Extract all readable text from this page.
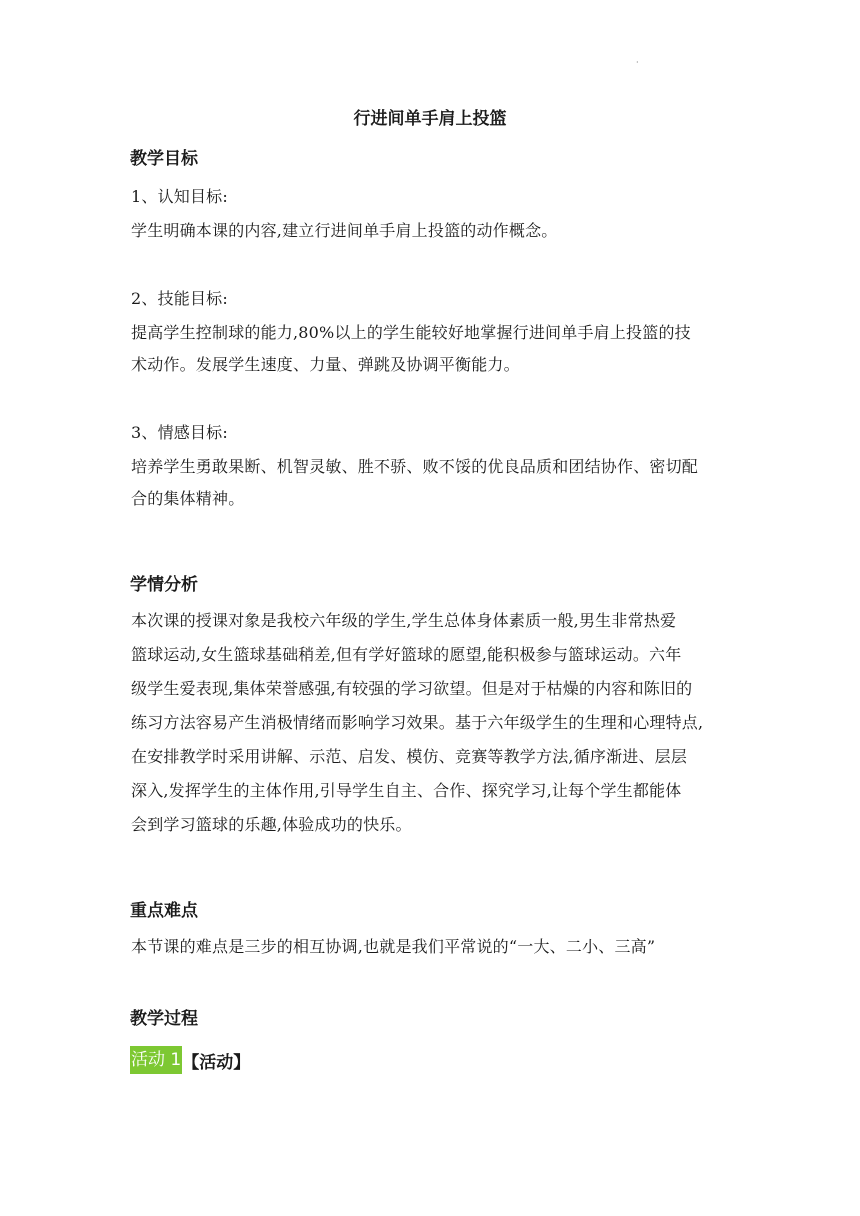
·
行进间单手肩上投篮
教学目标
1、认知目标:
学生明确本课的内容,建立行进间单手肩上投篮的动作概念。
2、技能目标:
提高学生控制球的能力,80%以上的学生能较好地掌握行进间单手肩上投篮的技
术动作。发展学生速度、力量、弹跳及协调平衡能力。
3、情感目标:
培养学生勇敢果断、机智灵敏、胜不骄、败不馁的优良品质和团结协作、密切配
合的集体精神。
学情分析
本次课的授课对象是我校六年级的学生,学生总体身体素质一般,男生非常热爱
篮球运动,女生篮球基础稍差,但有学好篮球的愿望,能积极参与篮球运动。六年
级学生爱表现,集体荣誉感强,有较强的学习欲望。但是对于枯燥的内容和陈旧的
练习方法容易产生消极情绪而影响学习效果。基于六年级学生的生理和心理特点,
在安排教学时采用讲解、示范、启发、模仿、竞赛等教学方法,循序渐进、层层
深入,发挥学生的主体作用,引导学生自主、合作、探究学习,让每个学生都能体
会到学习篮球的乐趣,体验成功的快乐。
重点难点
本节课的难点是三步的相互协调,也就是我们平常说的“一大、二小、三高”
教学过程
活动 1 【活动】
